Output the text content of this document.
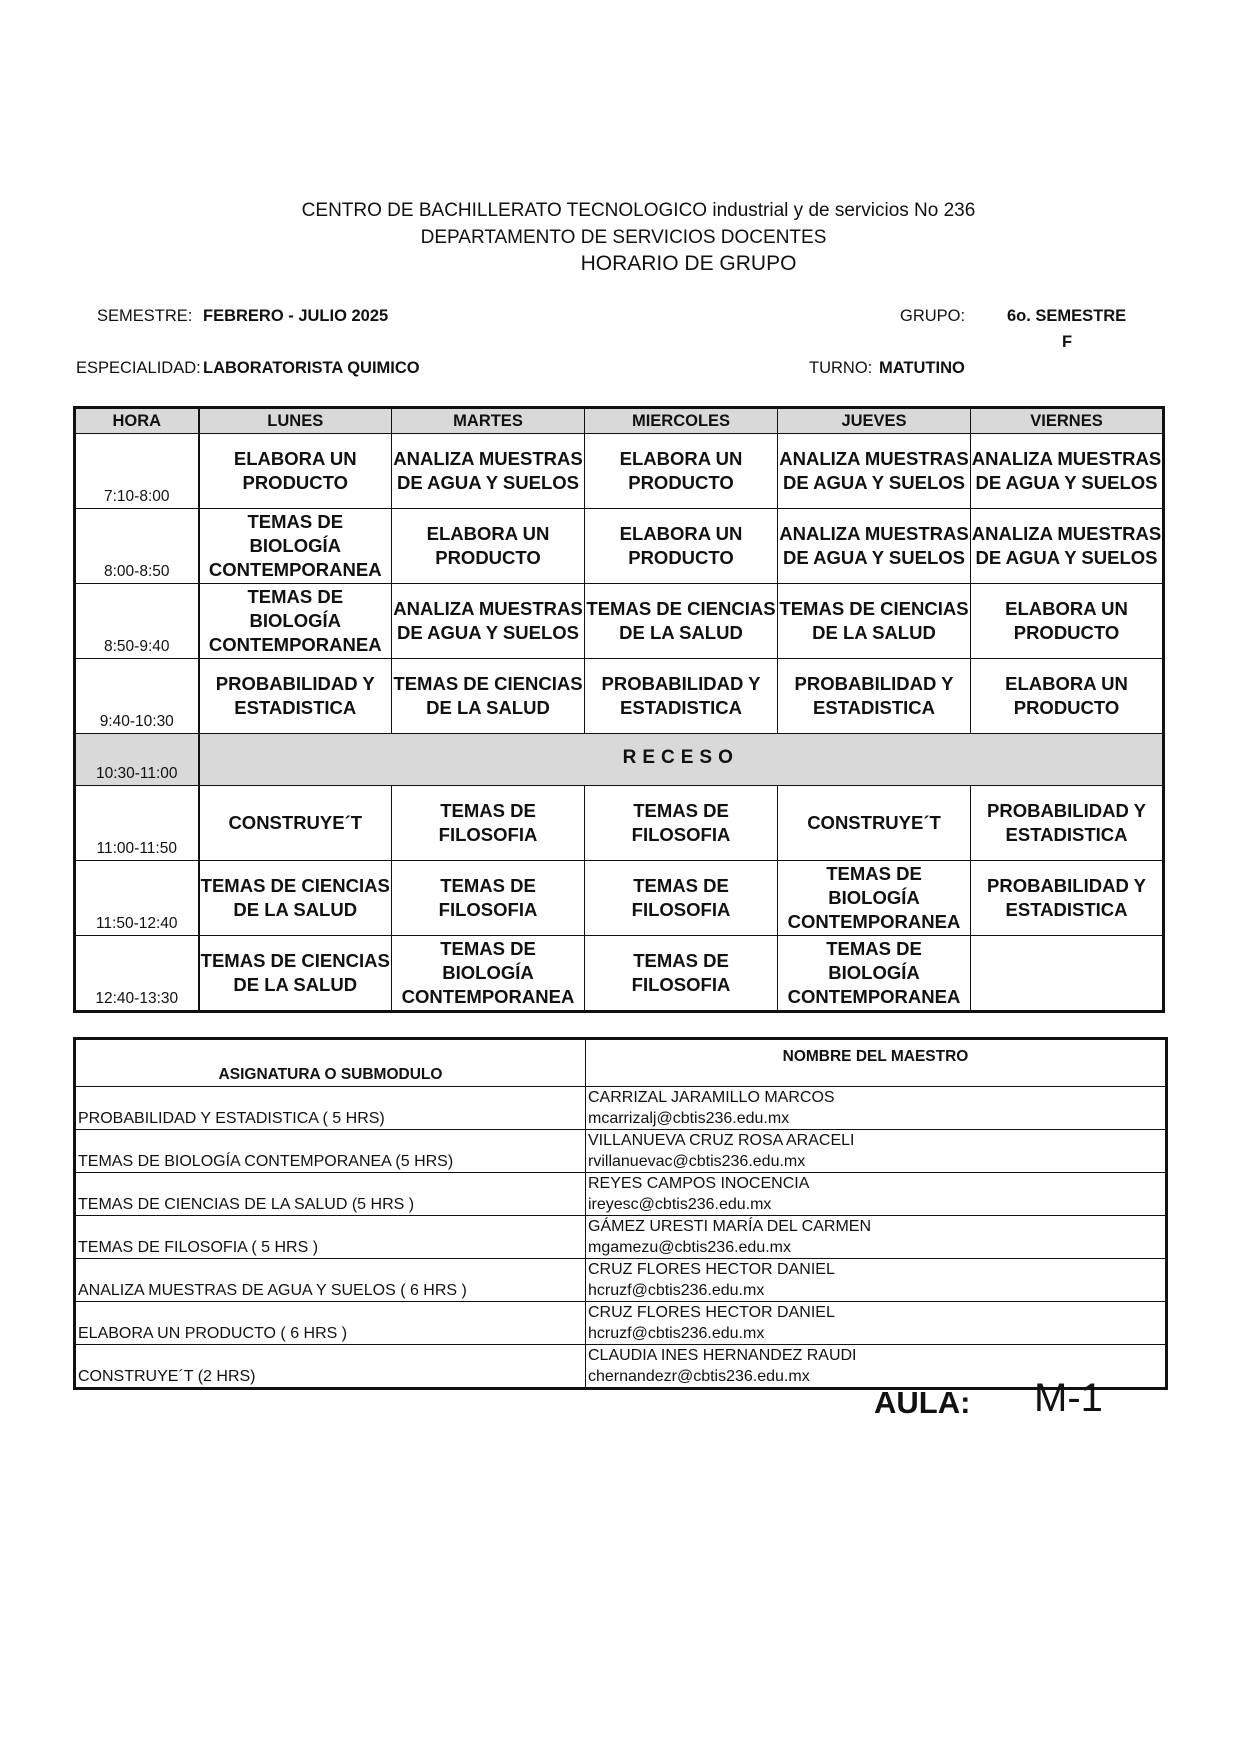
CENTRO DE BACHILLERATO TECNOLOGICO industrial y de servicios No 236
DEPARTAMENTO DE SERVICIOS DOCENTES
HORARIO DE GRUPO
SEMESTRE: FEBRERO - JULIO 2025	GRUPO:	6o. SEMESTRE
F
ESPECIALIDAD: LABORATORISTA QUIMICO	TURNO: MATUTINO
HORA	LUNES	MARTES	MIERCOLES	JUEVES	VIERNES
7:10-8:00	ELABORA UN PRODUCTO	ANALIZA MUESTRAS DE AGUA Y SUELOS	ELABORA UN PRODUCTO	ANALIZA MUESTRAS DE AGUA Y SUELOS	ANALIZA MUESTRAS DE AGUA Y SUELOS
8:00-8:50	TEMAS DE BIOLOGÍA CONTEMPORANEA	ELABORA UN PRODUCTO	ELABORA UN PRODUCTO	ANALIZA MUESTRAS DE AGUA Y SUELOS	ANALIZA MUESTRAS DE AGUA Y SUELOS
8:50-9:40	TEMAS DE BIOLOGÍA CONTEMPORANEA	ANALIZA MUESTRAS DE AGUA Y SUELOS	TEMAS DE CIENCIAS DE LA SALUD	TEMAS DE CIENCIAS DE LA SALUD	ELABORA UN PRODUCTO
9:40-10:30	PROBABILIDAD Y ESTADISTICA	TEMAS DE CIENCIAS DE LA SALUD	PROBABILIDAD Y ESTADISTICA	PROBABILIDAD Y ESTADISTICA	ELABORA UN PRODUCTO
10:30-11:00	RECESO				
11:00-11:50	CONSTRUYE´T	TEMAS DE FILOSOFIA	TEMAS DE FILOSOFIA	CONSTRUYE´T	PROBABILIDAD Y ESTADISTICA
11:50-12:40	TEMAS DE CIENCIAS DE LA SALUD	TEMAS DE FILOSOFIA	TEMAS DE FILOSOFIA	TEMAS DE BIOLOGÍA CONTEMPORANEA	PROBABILIDAD Y ESTADISTICA
12:40-13:30	TEMAS DE CIENCIAS DE LA SALUD	TEMAS DE BIOLOGÍA CONTEMPORANEA	TEMAS DE FILOSOFIA	TEMAS DE BIOLOGÍA CONTEMPORANEA	
ASIGNATURA O SUBMODULO	NOMBRE DEL MAESTRO
PROBABILIDAD Y ESTADISTICA ( 5 HRS)	CARRIZAL JARAMILLO MARCOS
mcarrizalj@cbtis236.edu.mx

TEMAS DE BIOLOGÍA CONTEMPORANEA (5 HRS)	VILLANUEVA CRUZ ROSA ARACELI
rvillanuevac@cbtis236.edu.mx

TEMAS DE CIENCIAS DE LA SALUD (5 HRS )	REYES CAMPOS INOCENCIA
ireyesc@cbtis236.edu.mx

TEMAS DE FILOSOFIA ( 5 HRS )	GÁMEZ URESTI MARÍA DEL CARMEN
mgamezu@cbtis236.edu.mx

ANALIZA MUESTRAS DE AGUA Y SUELOS ( 6 HRS )	CRUZ FLORES HECTOR DANIEL
hcruzf@cbtis236.edu.mx

ELABORA UN PRODUCTO ( 6 HRS )	CRUZ FLORES HECTOR DANIEL
hcruzf@cbtis236.edu.mx

CONSTRUYE´T (2 HRS)	CLAUDIA INES HERNANDEZ RAUDI
chernandezr@cbtis236.edu.mx
AULA: M-1
